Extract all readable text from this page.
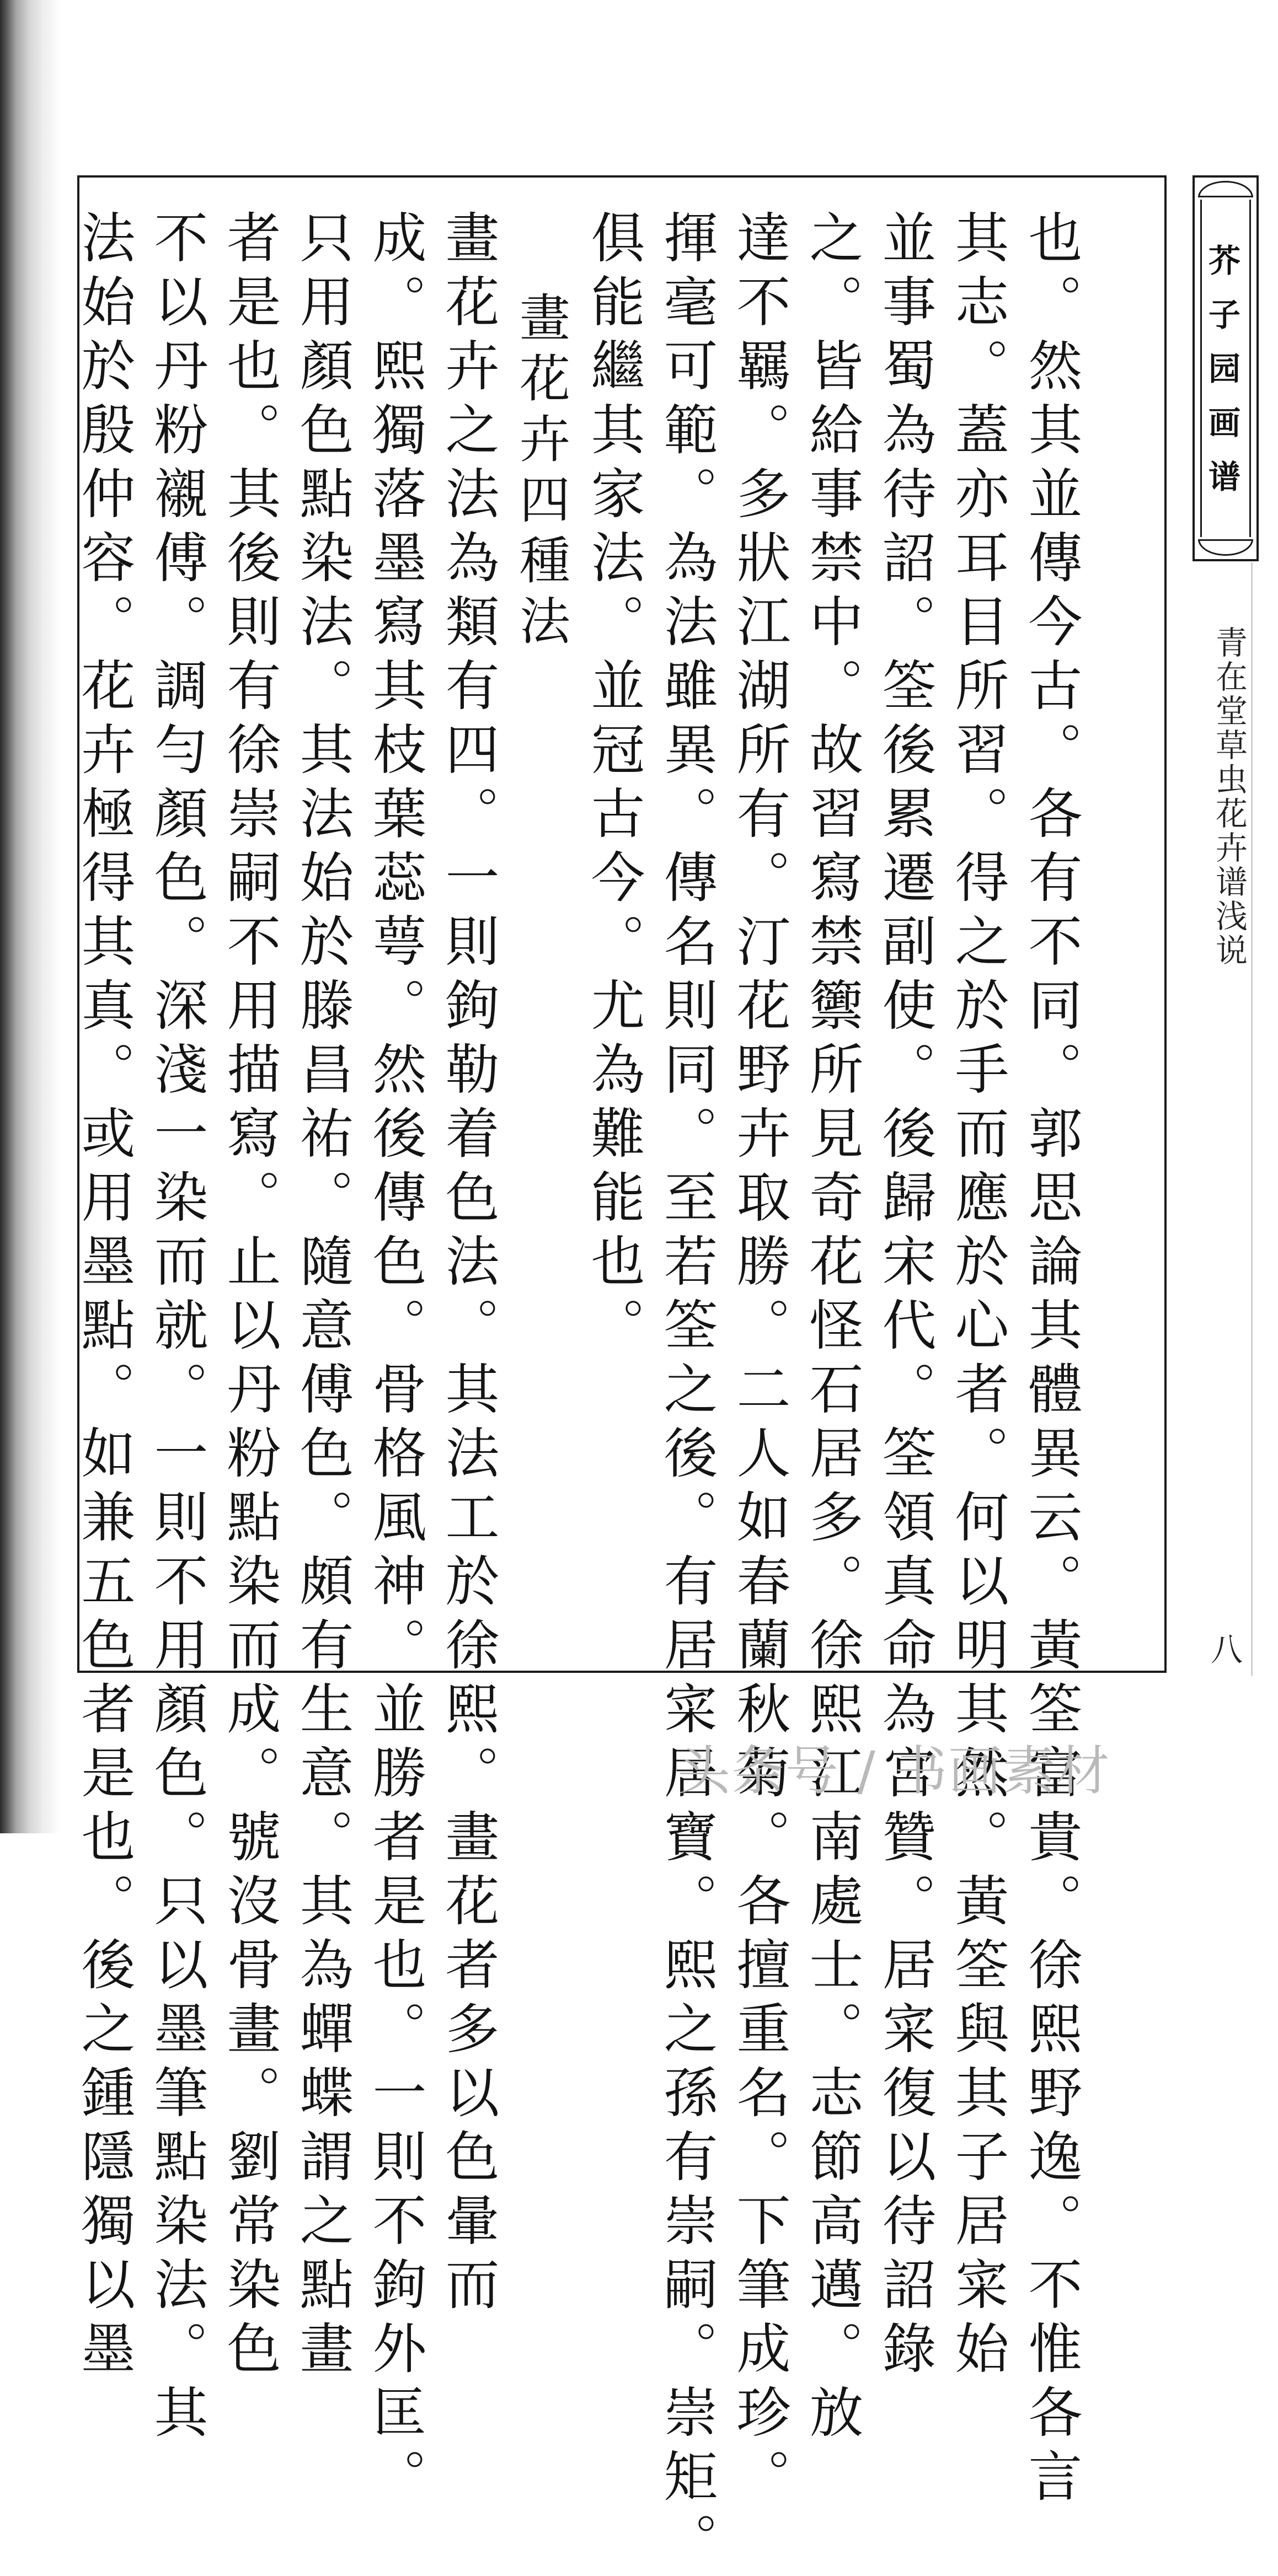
也。然其並傳今古。各有不同。郭思論其體異云。黃筌富貴。徐熙野逸。不惟各言
其志。蓋亦耳目所習。得之於手而應於心者。何以明其然。黃筌與其子居寀始
並事蜀為待詔。筌後累遷副使。後歸宋代。筌領真命為宮贊。居寀復以待詔錄
之。皆給事禁中。故習寫禁籞所見奇花怪石居多。徐熙江南處士。志節高邁。放
達不羈。多狀江湖所有。汀花野卉取勝。二人如春蘭秋菊。各擅重名。下筆成珍。
揮毫可範。為法雖異。傳名則同。至若筌之後。有居寀居寶。熙之孫有崇嗣。崇矩。
俱能繼其家法。並冠古今。尤為難能也。
畫花卉四種法
畫花卉之法為類有四。一則鉤勒着色法。其法工於徐熙。畫花者多以色暈而
成。熙獨落墨寫其枝葉蕊萼。然後傳色。骨格風神。並勝者是也。一則不鉤外匡。
只用顏色點染法。其法始於滕昌祐。隨意傅色。頗有生意。其為蟬蝶謂之點畫
者是也。其後則有徐崇嗣不用描寫。止以丹粉點染而成。號沒骨畫。劉常染色
不以丹粉襯傅。調勻顏色。深淺一染而就。一則不用顏色。只以墨筆點染法。其
法始於殷仲容。花卉極得其真。或用墨點。如兼五色者是也。後之鍾隱獨以墨	芥子园画谱
青在堂草虫花卉谱浅说
八
头条号 / 书画素材
